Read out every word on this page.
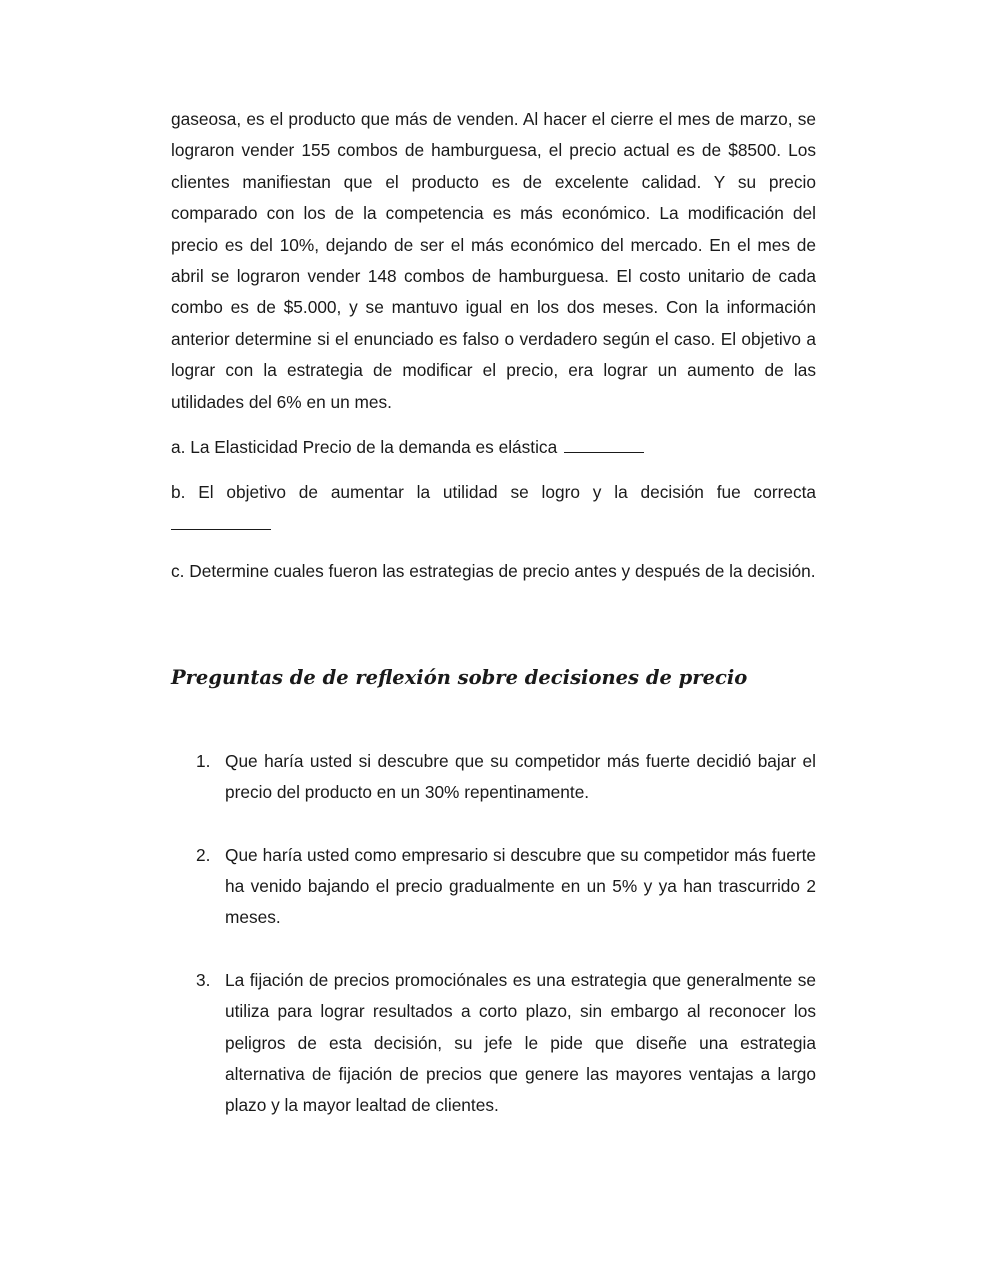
gaseosa, es el producto que más de venden. Al hacer el cierre el mes de marzo, se lograron vender 155 combos de hamburguesa, el precio actual es de $8500. Los clientes manifiestan que el producto es de excelente calidad. Y su precio comparado con los de la competencia es más económico. La modificación del precio es del 10%, dejando de ser el más económico del mercado. En el mes de abril se lograron vender 148 combos de hamburguesa. El costo unitario de cada combo es de $5.000, y se mantuvo igual en los dos meses. Con la información anterior determine si el enunciado es falso o verdadero según el caso. El objetivo a lograr con la estrategia de modificar el precio, era lograr un aumento de las utilidades del 6% en un mes.

a. La Elasticidad Precio de la demanda es elástica

b. El objetivo de aumentar la utilidad se logro y la decisión fue correcta

c. Determine cuales fueron las estrategias de precio antes y después de la decisión.

Preguntas de de reflexión sobre decisiones de precio
1. Que haría usted si descubre que su competidor más fuerte decidió bajar el precio del producto en un 30% repentinamente.
2. Que haría usted como empresario si descubre que su competidor más fuerte ha venido bajando el precio gradualmente en un 5% y ya han trascurrido 2 meses.
3. La fijación de precios promociónales es una estrategia que generalmente se utiliza para lograr resultados a corto plazo, sin embargo al reconocer los peligros de esta decisión, su jefe le pide que diseñe una estrategia alternativa de fijación de precios que genere las mayores ventajas a largo plazo y la mayor lealtad de clientes.
